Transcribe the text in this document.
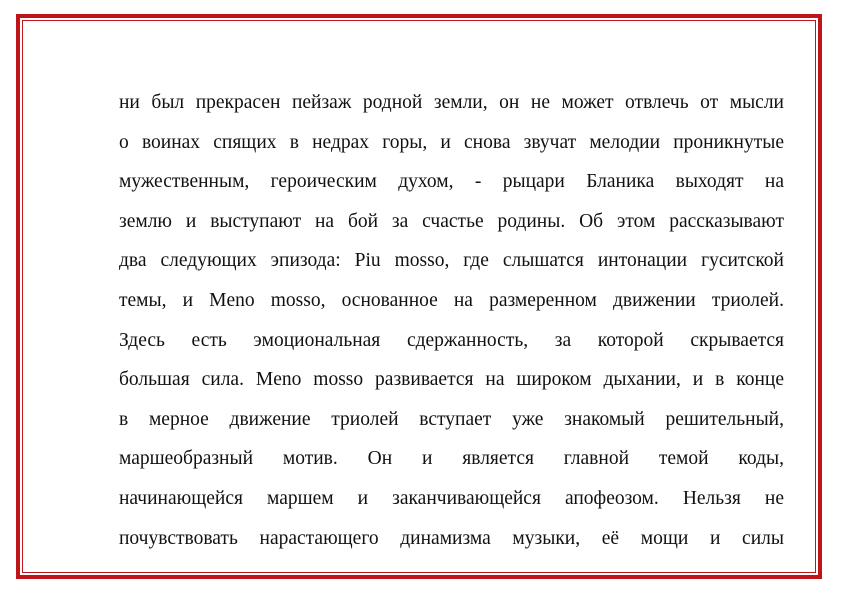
ни был прекрасен пейзаж родной земли, он не может отвлечь от мысли
о воинах спящих в недрах горы, и снова звучат мелодии проникнутые
мужественным, героическим духом, - рыцари Бланика выходят на
землю и выступают на бой за счастье родины. Об этом рассказывают
два следующих эпизода: Piu mosso, где слышатся интонации гуситской
темы, и Meno mosso, основанное на размеренном движении триолей.
Здесь есть эмоциональная сдержанность, за которой скрывается
большая сила. Meno mosso развивается на широком дыхании, и в конце
в мерное движение триолей вступает уже знакомый решительный,
маршеобразный мотив. Он и является главной темой коды,
начинающейся маршем и заканчивающейся апофеозом. Нельзя не
почувствовать нарастающего динамизма музыки, её мощи и силы
